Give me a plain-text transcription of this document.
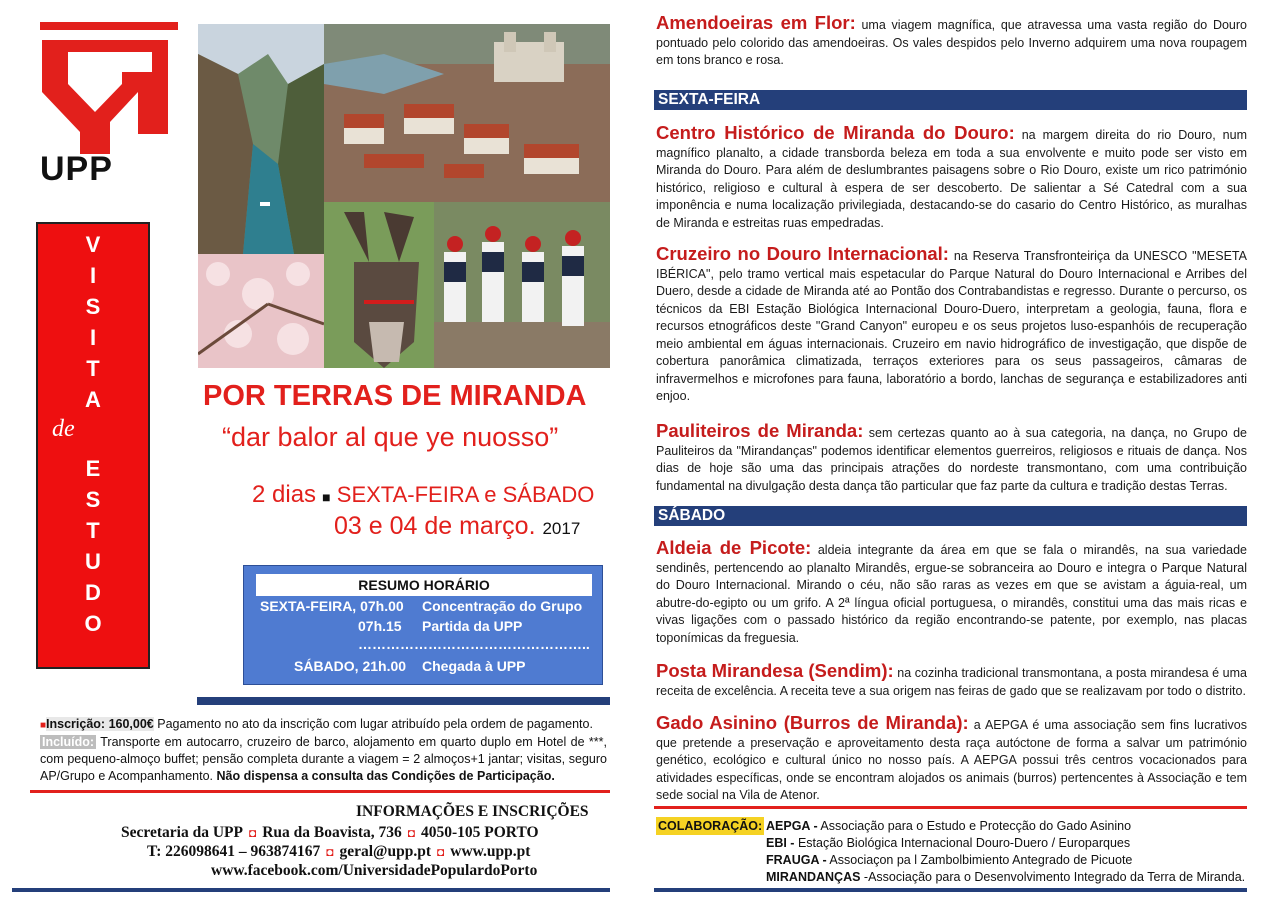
UPP
V
I
S
I
T
A
de
E
S
T
U
D
O
POR TERRAS DE MIRANDA
“dar balor al que ye nuosso”
2 dias ■ SEXTA-FEIRA e SÁBADO
03 e 04 de março. 2017
RESUMO HORÁRIO
SEXTA-FEIRA, 07h.00 Concentração do Grupo
07h.15 Partida da UPP
…………………………………………..
SÁBADO, 21h.00 Chegada à UPP
■Inscrição: 160,00€ Pagamento no ato da inscrição com lugar atribuído pela ordem de pagamento.
Incluído: Transporte em autocarro, cruzeiro de barco, alojamento em quarto duplo em Hotel de ***, com pequeno-almoço buffet; pensão completa durante a viagem = 2 almoços+1 jantar; visitas, seguro AP/Grupo e Acompanhamento. Não dispensa a consulta das Condições de Participação.
INFORMAÇÕES E INSCRIÇÕES
Secretaria da UPP ◘ Rua da Boavista, 736 ◘ 4050-105 PORTO
T: 226098641 – 963874167 ◘ geral@upp.pt ◘ www.upp.pt
www.facebook.com/UniversidadePopulardoPorto
Amendoeiras em Flor: uma viagem magnífica, que atravessa uma vasta região do Douro pontuado pelo colorido das amendoeiras. Os vales despidos pelo Inverno adquirem uma nova roupagem em tons branco e rosa.
SEXTA-FEIRA
Centro Histórico de Miranda do Douro: na margem direita do rio Douro, num magnífico planalto, a cidade transborda beleza em toda a sua envolvente e muito pode ser visto em Miranda do Douro. Para além de deslumbrantes paisagens sobre o Rio Douro, existe um rico património histórico, religioso e cultural à espera de ser descoberto. De salientar a Sé Catedral com a sua imponência e numa localização privilegiada, destacando-se do casario do Centro Histórico, as muralhas de Miranda e estreitas ruas empedradas.
Cruzeiro no Douro Internacional: na Reserva Transfronteiriça da UNESCO "MESETA IBÉRICA", pelo tramo vertical mais espetacular do Parque Natural do Douro Internacional e Arribes del Duero, desde a cidade de Miranda até ao Pontão dos Contrabandistas e regresso. Durante o percurso, os técnicos da EBI Estação Biológica Internacional Douro-Duero, interpretam a geologia, fauna, flora e recursos etnográficos deste "Grand Canyon" europeu e os seus projetos luso-espanhóis de recuperação meio ambiental em águas internacionais. Cruzeiro em navio hidrográfico de investigação, que dispõe de cobertura panorâmica climatizada, terraços exteriores para os seus passageiros, câmaras de infravermelhos e microfones para fauna, laboratório a bordo, lanchas de segurança e estabilizadores anti enjoo.
Pauliteiros de Miranda: sem certezas quanto ao à sua categoria, na dança, no Grupo de Pauliteiros da "Mirandanças" podemos identificar elementos guerreiros, religiosos e rituais de dança. Nos dias de hoje são uma das principais atrações do nordeste transmontano, com uma contribuição fundamental na divulgação desta dança tão particular que faz parte da cultura e tradição destas Terras.
SÁBADO
Aldeia de Picote: aldeia integrante da área em que se fala o mirandês, na sua variedade sendinês, pertencendo ao planalto Mirandês, ergue-se sobranceira ao Douro e integra o Parque Natural do Douro Internacional. Mirando o céu, não são raras as vezes em que se avistam a águia-real, um abutre-do-egipto ou um grifo. A 2ª língua oficial portuguesa, o mirandês, constitui uma das mais ricas e vivas ligações com o passado histórico da região encontrando-se patente, por exemplo, nas placas toponímicas da freguesia.
Posta Mirandesa (Sendim): na cozinha tradicional transmontana, a posta mirandesa é uma receita de excelência. A receita teve a sua origem nas feiras de gado que se realizavam por todo o distrito.
Gado Asinino (Burros de Miranda): a AEPGA é uma associação sem fins lucrativos que pretende a preservação e aproveitamento desta raça autóctone de forma a salvar um património genético, ecológico e cultural único no nosso país. A AEPGA possui três centros vocacionados para atividades específicas, onde se encontram alojados os animais (burros) pertencentes à Associação e tem sede social na Vila de Atenor.
COLABORAÇÃO: AEPGA - Associação para o Estudo e Protecção do Gado Asinino
EBI - Estação Biológica Internacional Douro-Duero / Europarques
FRAUGA - Associaçon pa l Zambolbimiento Antegrado de Picuote
MIRANDANÇAS -Associação para o Desenvolvimento Integrado da Terra de Miranda.
